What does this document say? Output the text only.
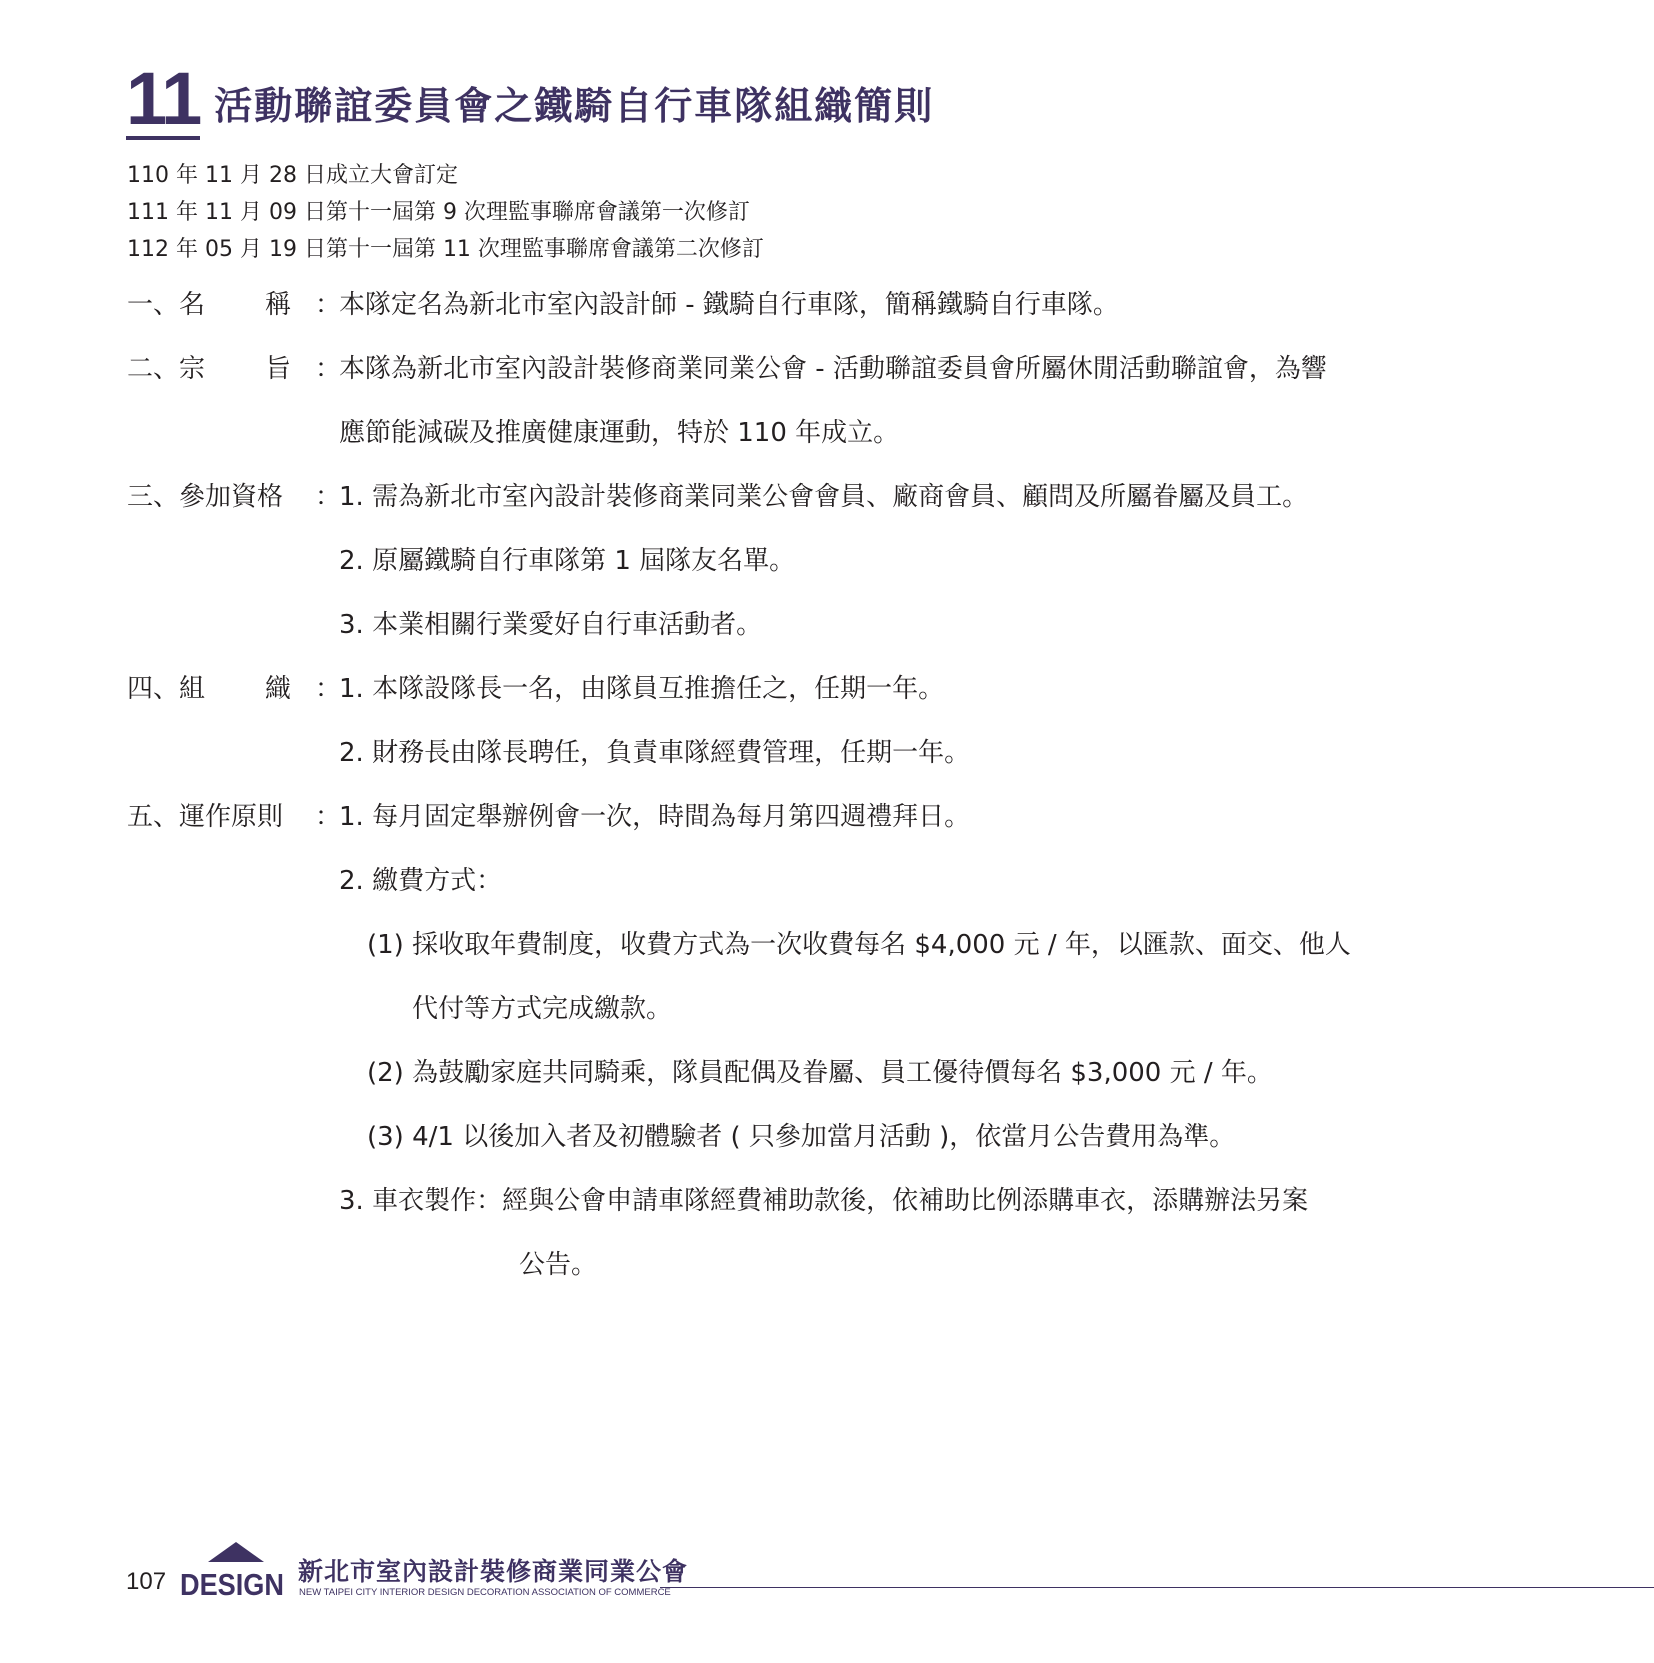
11 活動聯誼委員會之鐵騎自行車隊組織簡則
110 年 11 月 28 日成立大會訂定
111 年 11 月 09 日第十一屆第 9 次理監事聯席會議第一次修訂
112 年 05 月 19 日第十一屆第 11 次理監事聯席會議第二次修訂
一、名 稱 ：
本隊定名為新北市室內設計師 - 鐵騎自行車隊，簡稱鐵騎自行車隊。
二、宗 旨 ：
本隊為新北市室內設計裝修商業同業公會 - 活動聯誼委員會所屬休閒活動聯誼會，為響
應節能減碳及推廣健康運動，特於 110 年成立。
三、參加資格 ：
1. 需為新北市室內設計裝修商業同業公會會員、廠商會員、顧問及所屬眷屬及員工。
2. 原屬鐵騎自行車隊第 1 屆隊友名單。
3. 本業相關行業愛好自行車活動者。
四、組 織 ：
1. 本隊設隊長一名，由隊員互推擔任之，任期一年。
2. 財務長由隊長聘任，負責車隊經費管理，任期一年。
五、運作原則 ：
1. 每月固定舉辦例會一次，時間為每月第四週禮拜日。
2. 繳費方式：
(1) 採收取年費制度，收費方式為一次收費每名 $4,000 元 / 年，以匯款、面交、他人
代付等方式完成繳款。
(2) 為鼓勵家庭共同騎乘，隊員配偶及眷屬、員工優待價每名 $3,000 元 / 年。
(3) 4/1 以後加入者及初體驗者 ( 只參加當月活動 )，依當月公告費用為準。
3. 車衣製作：經與公會申請車隊經費補助款後，依補助比例添購車衣，添購辦法另案
公告。
107 DESIGN 新北市室內設計裝修商業同業公會
NEW TAIPEI CITY INTERIOR DESIGN DECORATION ASSOCIATION OF COMMERCE
